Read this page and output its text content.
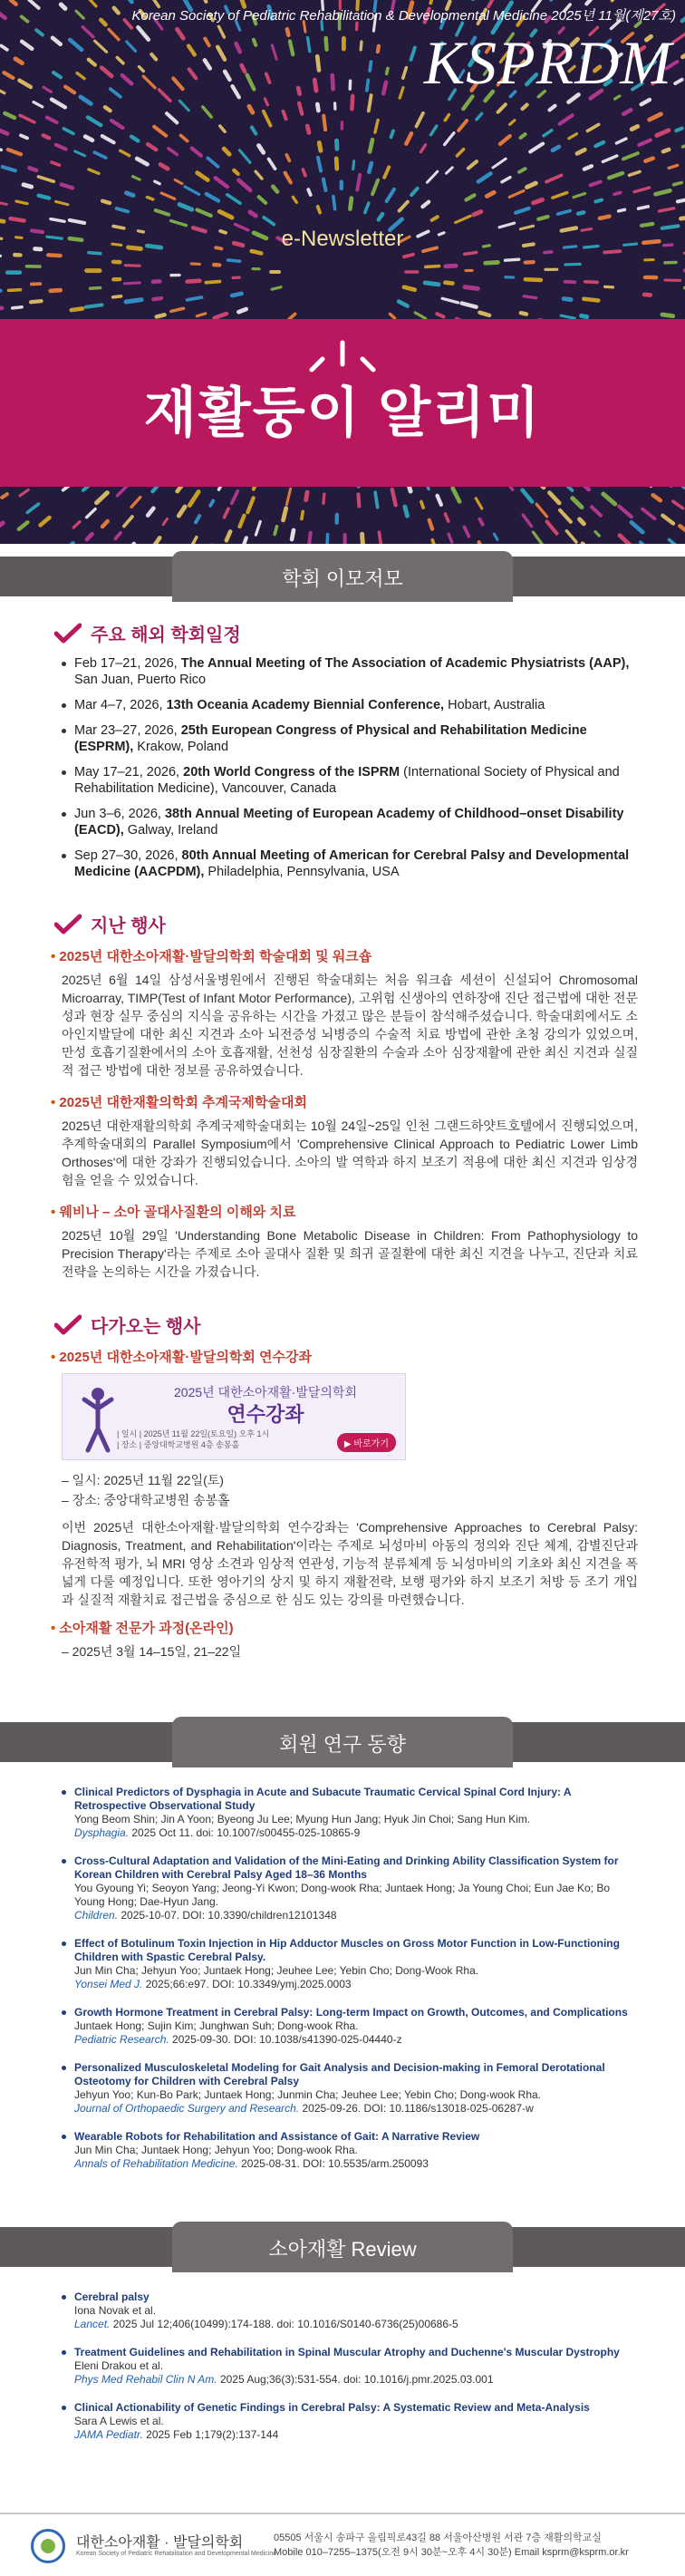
Korean Society of Pediatric Rehabilitation & Developmental Medicine 2025년 11월(제27호)
KSPRDM
e-Newsletter
재활둥이 알리미
학회 이모저모
주요 해외 학회일정
Feb 17–21, 2026, The Annual Meeting of The Association of Academic Physiatrists (AAP), San Juan, Puerto Rico
Mar 4–7, 2026, 13th Oceania Academy Biennial Conference, Hobart, Australia
Mar 23–27, 2026, 25th European Congress of Physical and Rehabilitation Medicine (ESPRM), Krakow, Poland
May 17–21, 2026, 20th World Congress of the ISPRM (International Society of Physical and Rehabilitation Medicine), Vancouver, Canada
Jun 3–6, 2026, 38th Annual Meeting of European Academy of Childhood–onset Disability (EACD), Galway, Ireland
Sep 27–30, 2026, 80th Annual Meeting of American for Cerebral Palsy and Developmental Medicine (AACPDM), Philadelphia, Pennsylvania, USA
지난 행사
• 2025년 대한소아재활·발달의학회 학술대회 및 워크숍
2025년 6월 14일 삼성서울병원에서 진행된 학술대회는 처음 워크숍 세션이 신설되어 Chromosomal Microarray, TIMP(Test of Infant Motor Performance), 고위험 신생아의 연하장애 진단 접근법에 대한 전문성과 현장 실무 중심의 지식을 공유하는 시간을 가졌고 많은 분들이 참석해주셨습니다. 학술대회에서도 소아인지발달에 대한 최신 지견과 소아 뇌전증성 뇌병증의 수술적 치료 방법에 관한 초청 강의가 있었으며, 만성 호흡기질환에서의 소아 호흡재활, 선천성 심장질환의 수술과 소아 심장재활에 관한 최신 지견과 실질적 접근 방법에 대한 정보를 공유하였습니다.
• 2025년 대한재활의학회 추계국제학술대회
2025년 대한재활의학회 추계국제학술대회는 10월 24일~25일 인천 그랜드하얏트호텔에서 진행되었으며, 추계학술대회의 Parallel Symposium에서 'Comprehensive Clinical Approach to Pediatric Lower Limb Orthoses'에 대한 강좌가 진행되었습니다. 소아의 발 역학과 하지 보조기 적용에 대한 최신 지견과 임상경험을 얻을 수 있었습니다.
• 웨비나 – 소아 골대사질환의 이해와 치료
2025년 10월 29일 'Understanding Bone Metabolic Disease in Children: From Pathophysiology to Precision Therapy'라는 주제로 소아 골대사 질환 및 희귀 골질환에 대한 최신 지견을 나누고, 진단과 치료 전략을 논의하는 시간을 가졌습니다.
다가오는 행사
• 2025년 대한소아재활·발달의학회 연수강좌
2025년 대한소아재활·발달의학회
연수강좌
| 일시 | 2025년 11월 22일(토요일) 오후 1시
| 장소 | 중앙대학교병원 4층 송봉홀	▶ 바로가기
– 일시: 2025년 11월 22일(토)
– 장소: 중앙대학교병원 송봉홀
이번 2025년 대한소아재활·발달의학회 연수강좌는 'Comprehensive Approaches to Cerebral Palsy: Diagnosis, Treatment, and Rehabilitation'이라는 주제로 뇌성마비 아동의 정의와 진단 체계, 감별진단과 유전학적 평가, 뇌 MRI 영상 소견과 임상적 연관성, 기능적 분류체계 등 뇌성마비의 기초와 최신 지견을 폭넓게 다룰 예정입니다. 또한 영아기의 상지 및 하지 재활전략, 보행 평가와 하지 보조기 처방 등 조기 개입과 실질적 재활치료 접근법을 중심으로 한 심도 있는 강의를 마련했습니다.
• 소아재활 전문가 과정(온라인)
– 2025년 3월 14–15일, 21–22일
회원 연구 동향
Clinical Predictors of Dysphagia in Acute and Subacute Traumatic Cervical Spinal Cord Injury: A Retrospective Observational Study
Yong Beom Shin; Jin A Yoon; Byeong Ju Lee; Myung Hun Jang; Hyuk Jin Choi; Sang Hun Kim.
Dysphagia. 2025 Oct 11. doi: 10.1007/s00455-025-10865-9
Cross-Cultural Adaptation and Validation of the Mini-Eating and Drinking Ability Classification System for Korean Children with Cerebral Palsy Aged 18–36 Months
You Gyoung Yi; Seoyon Yang; Jeong-Yi Kwon; Dong-wook Rha; Juntaek Hong; Ja Young Choi; Eun Jae Ko; Bo Young Hong; Dae-Hyun Jang.
Children. 2025-10-07. DOI: 10.3390/children12101348
Effect of Botulinum Toxin Injection in Hip Adductor Muscles on Gross Motor Function in Low-Functioning Children with Spastic Cerebral Palsy.
Jun Min Cha; Jehyun Yoo; Juntaek Hong; Jeuhee Lee; Yebin Cho; Dong-Wook Rha.
Yonsei Med J. 2025;66:e97. DOI: 10.3349/ymj.2025.0003
Growth Hormone Treatment in Cerebral Palsy: Long-term Impact on Growth, Outcomes, and Complications
Juntaek Hong; Sujin Kim; Junghwan Suh; Dong-wook Rha.
Pediatric Research. 2025-09-30. DOI: 10.1038/s41390-025-04440-z
Personalized Musculoskeletal Modeling for Gait Analysis and Decision-making in Femoral Derotational Osteotomy for Children with Cerebral Palsy
Jehyun Yoo; Kun-Bo Park; Juntaek Hong; Junmin Cha; Jeuhee Lee; Yebin Cho; Dong-wook Rha.
Journal of Orthopaedic Surgery and Research. 2025-09-26. DOI: 10.1186/s13018-025-06287-w
Wearable Robots for Rehabilitation and Assistance of Gait: A Narrative Review
Jun Min Cha; Juntaek Hong; Jehyun Yoo; Dong-wook Rha.
Annals of Rehabilitation Medicine. 2025-08-31. DOI: 10.5535/arm.250093
소아재활 Review
Cerebral palsy
Iona Novak et al.
Lancet. 2025 Jul 12;406(10499):174-188. doi: 10.1016/S0140-6736(25)00686-5
Treatment Guidelines and Rehabilitation in Spinal Muscular Atrophy and Duchenne's Muscular Dystrophy
Eleni Drakou et al.
Phys Med Rehabil Clin N Am. 2025 Aug;36(3):531-554. doi: 10.1016/j.pmr.2025.03.001
Clinical Actionability of Genetic Findings in Cerebral Palsy: A Systematic Review and Meta-Analysis
Sara A Lewis et al.
JAMA Pediatr. 2025 Feb 1;179(2):137-144
대한소아재활 · 발달의학회
Korean Society of Pediatric Rehabilitation and Developmental Medicine
05505 서울시 송파구 올림픽로43길 88 서울아산병원 서관 7층 재활의학교실
Mobile 010–7255–1375(오전 9시 30분~오후 4시 30분) Email ksprm@ksprm.or.kr
